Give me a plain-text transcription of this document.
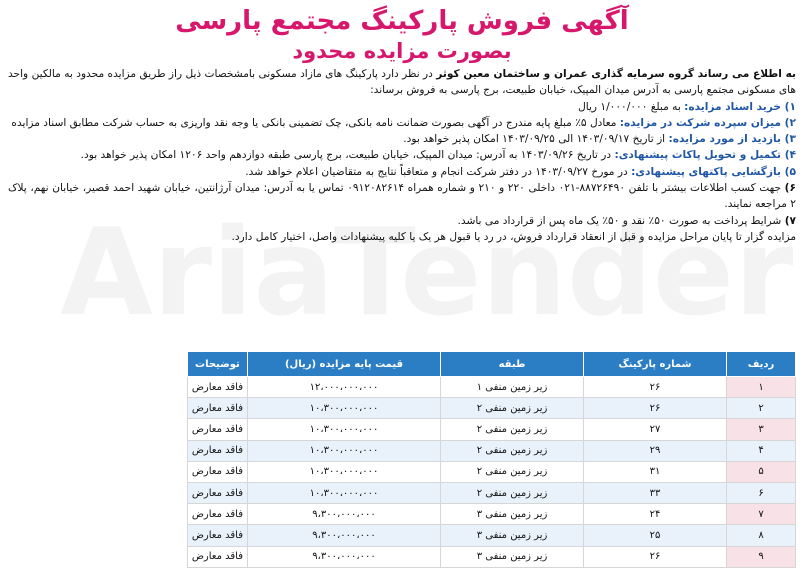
آگهی فروش پارکینگ مجتمع پارسی
بصورت مزایده محدود

به اطلاع می رساند گروه سرمایه گذاری عمران و ساختمان معین کوثر در نظر دارد پارکینگ های مازاد مسکونی بامشخصات ذیل راز طریق مزایده محدود به مالکین واحد های مسکونی مجتمع پارسی به آدرس میدان المپیک، خیابان طبیعت، برج پارسی به فروش برساند:

۱) خرید اسناد مزایده: به مبلغ ۱/۰۰۰/۰۰۰ ریال

۲) میزان سپرده شرکت در مزایده: معادل ۵٪ مبلغ پایه مندرج در آگهی بصورت ضمانت نامه بانکی، چک تضمینی بانکی یا وجه نقد واریزی به حساب شرکت مطابق اسناد مزایده

۳) بازدید از مورد مزایده: از تاریخ ۱۴۰۳/۰۹/۱۷ الی ۱۴۰۳/۰۹/۲۵ امکان پذیر خواهد بود.

۴) تکمیل و تحویل پاکات پیشنهادی: در تاریخ ۱۴۰۳/۰۹/۲۶ به آدرس: میدان المپیک، خیابان طبیعت، برج پارسی طبقه دوازدهم واحد ۱۲۰۶ امکان پذیر خواهد بود.

۵) بازگشایی پاکتهای پیشنهادی: در مورخ ۱۴۰۳/۰۹/۲۷ در دفتر شرکت انجام و متعاقباً نتایج به متقاضیان اعلام خواهد شد.

۶) جهت کسب اطلاعات بیشتر با تلفن ۸۸۷۲۶۴۹۰-۰۲۱ داخلی ۲۲۰ و ۲۱۰ و شماره همراه ۰۹۱۲۰۸۲۶۱۴ تماس یا به آدرس: میدان آرژانتین، خیابان شهید احمد قصیر، خیابان نهم، پلاک ۲ مراجعه نمایند.

۷) شرایط پرداخت به صورت ۵۰٪ نقد و ۵۰٪ یک ماه پس از قرارداد می باشد.

مزایده گزار تا پایان مراحل مزایده و قبل از انعقاد قرارداد فروش، در رد یا قبول هر یک یا کلیه پیشنهادات واصل، اختیار کامل دارد.

ردیف	شماره پارکینگ	طبقه	قیمت پایه مزایده (ریال)	توضیحات
۱	۲۶	زیر زمین منفی ۱	۱۲،۰۰۰،۰۰۰،۰۰۰	فاقد معارض
۲	۲۶	زیر زمین منفی ۲	۱۰،۳۰۰،۰۰۰،۰۰۰	فاقد معارض
۳	۲۷	زیر زمین منفی ۲	۱۰،۳۰۰،۰۰۰،۰۰۰	فاقد معارض
۴	۲۹	زیر زمین منفی ۲	۱۰،۳۰۰،۰۰۰،۰۰۰	فاقد معارض
۵	۳۱	زیر زمین منفی ۲	۱۰،۳۰۰،۰۰۰،۰۰۰	فاقد معارض
۶	۳۳	زیر زمین منفی ۲	۱۰،۳۰۰،۰۰۰،۰۰۰	فاقد معارض
۷	۲۴	زیر زمین منفی ۳	۹،۳۰۰،۰۰۰،۰۰۰	فاقد معارض
۸	۲۵	زیر زمین منفی ۳	۹،۳۰۰،۰۰۰،۰۰۰	فاقد معارض
۹	۲۶	زیر زمین منفی ۳	۹،۳۰۰،۰۰۰،۰۰۰	فاقد معارض
